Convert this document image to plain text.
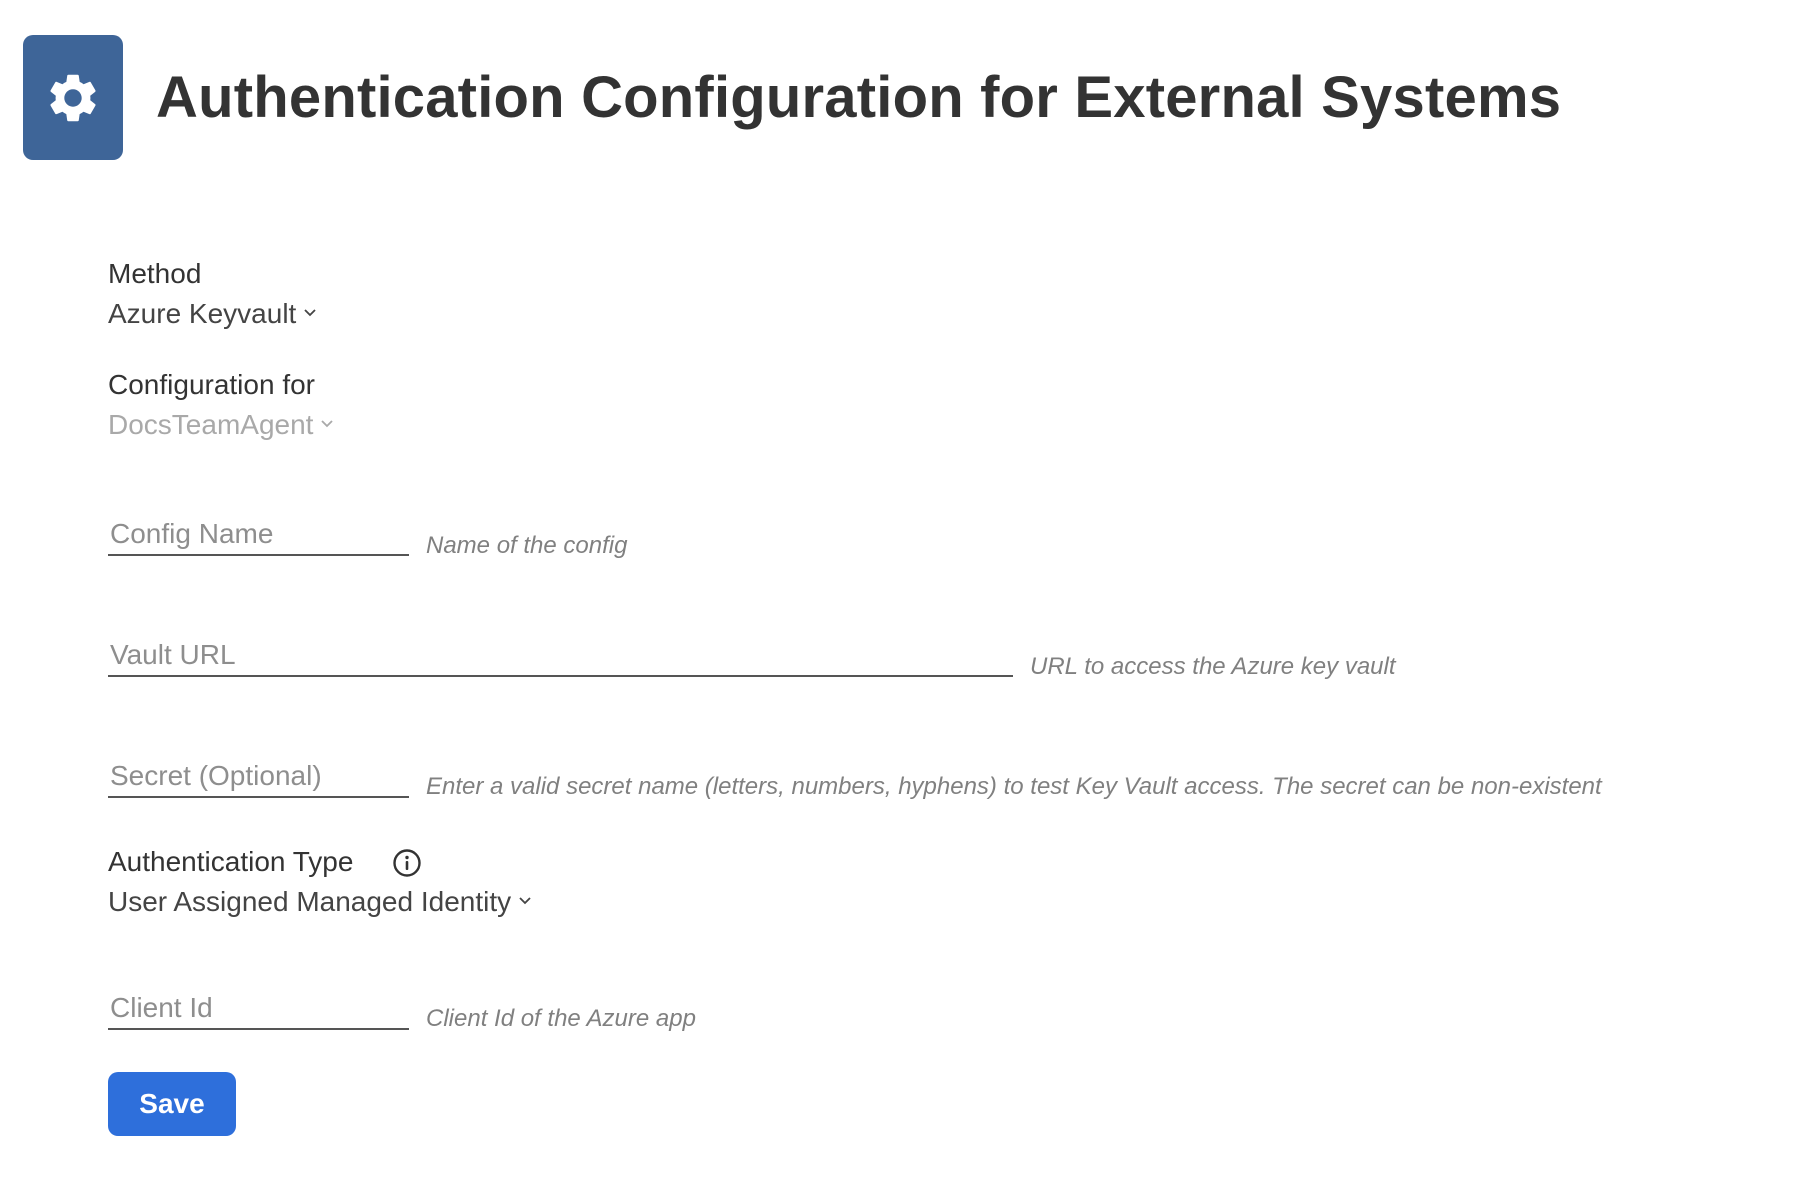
Authentication Configuration for External Systems
Method
Azure Keyvault
Configuration for
DocsTeamAgent
Config Name
Name of the config
Vault URL
URL to access the Azure key vault
Secret (Optional)
Enter a valid secret name (letters, numbers, hyphens) to test Key Vault access. The secret can be non-existent
Authentication Type
User Assigned Managed Identity
Client Id
Client Id of the Azure app
Save
